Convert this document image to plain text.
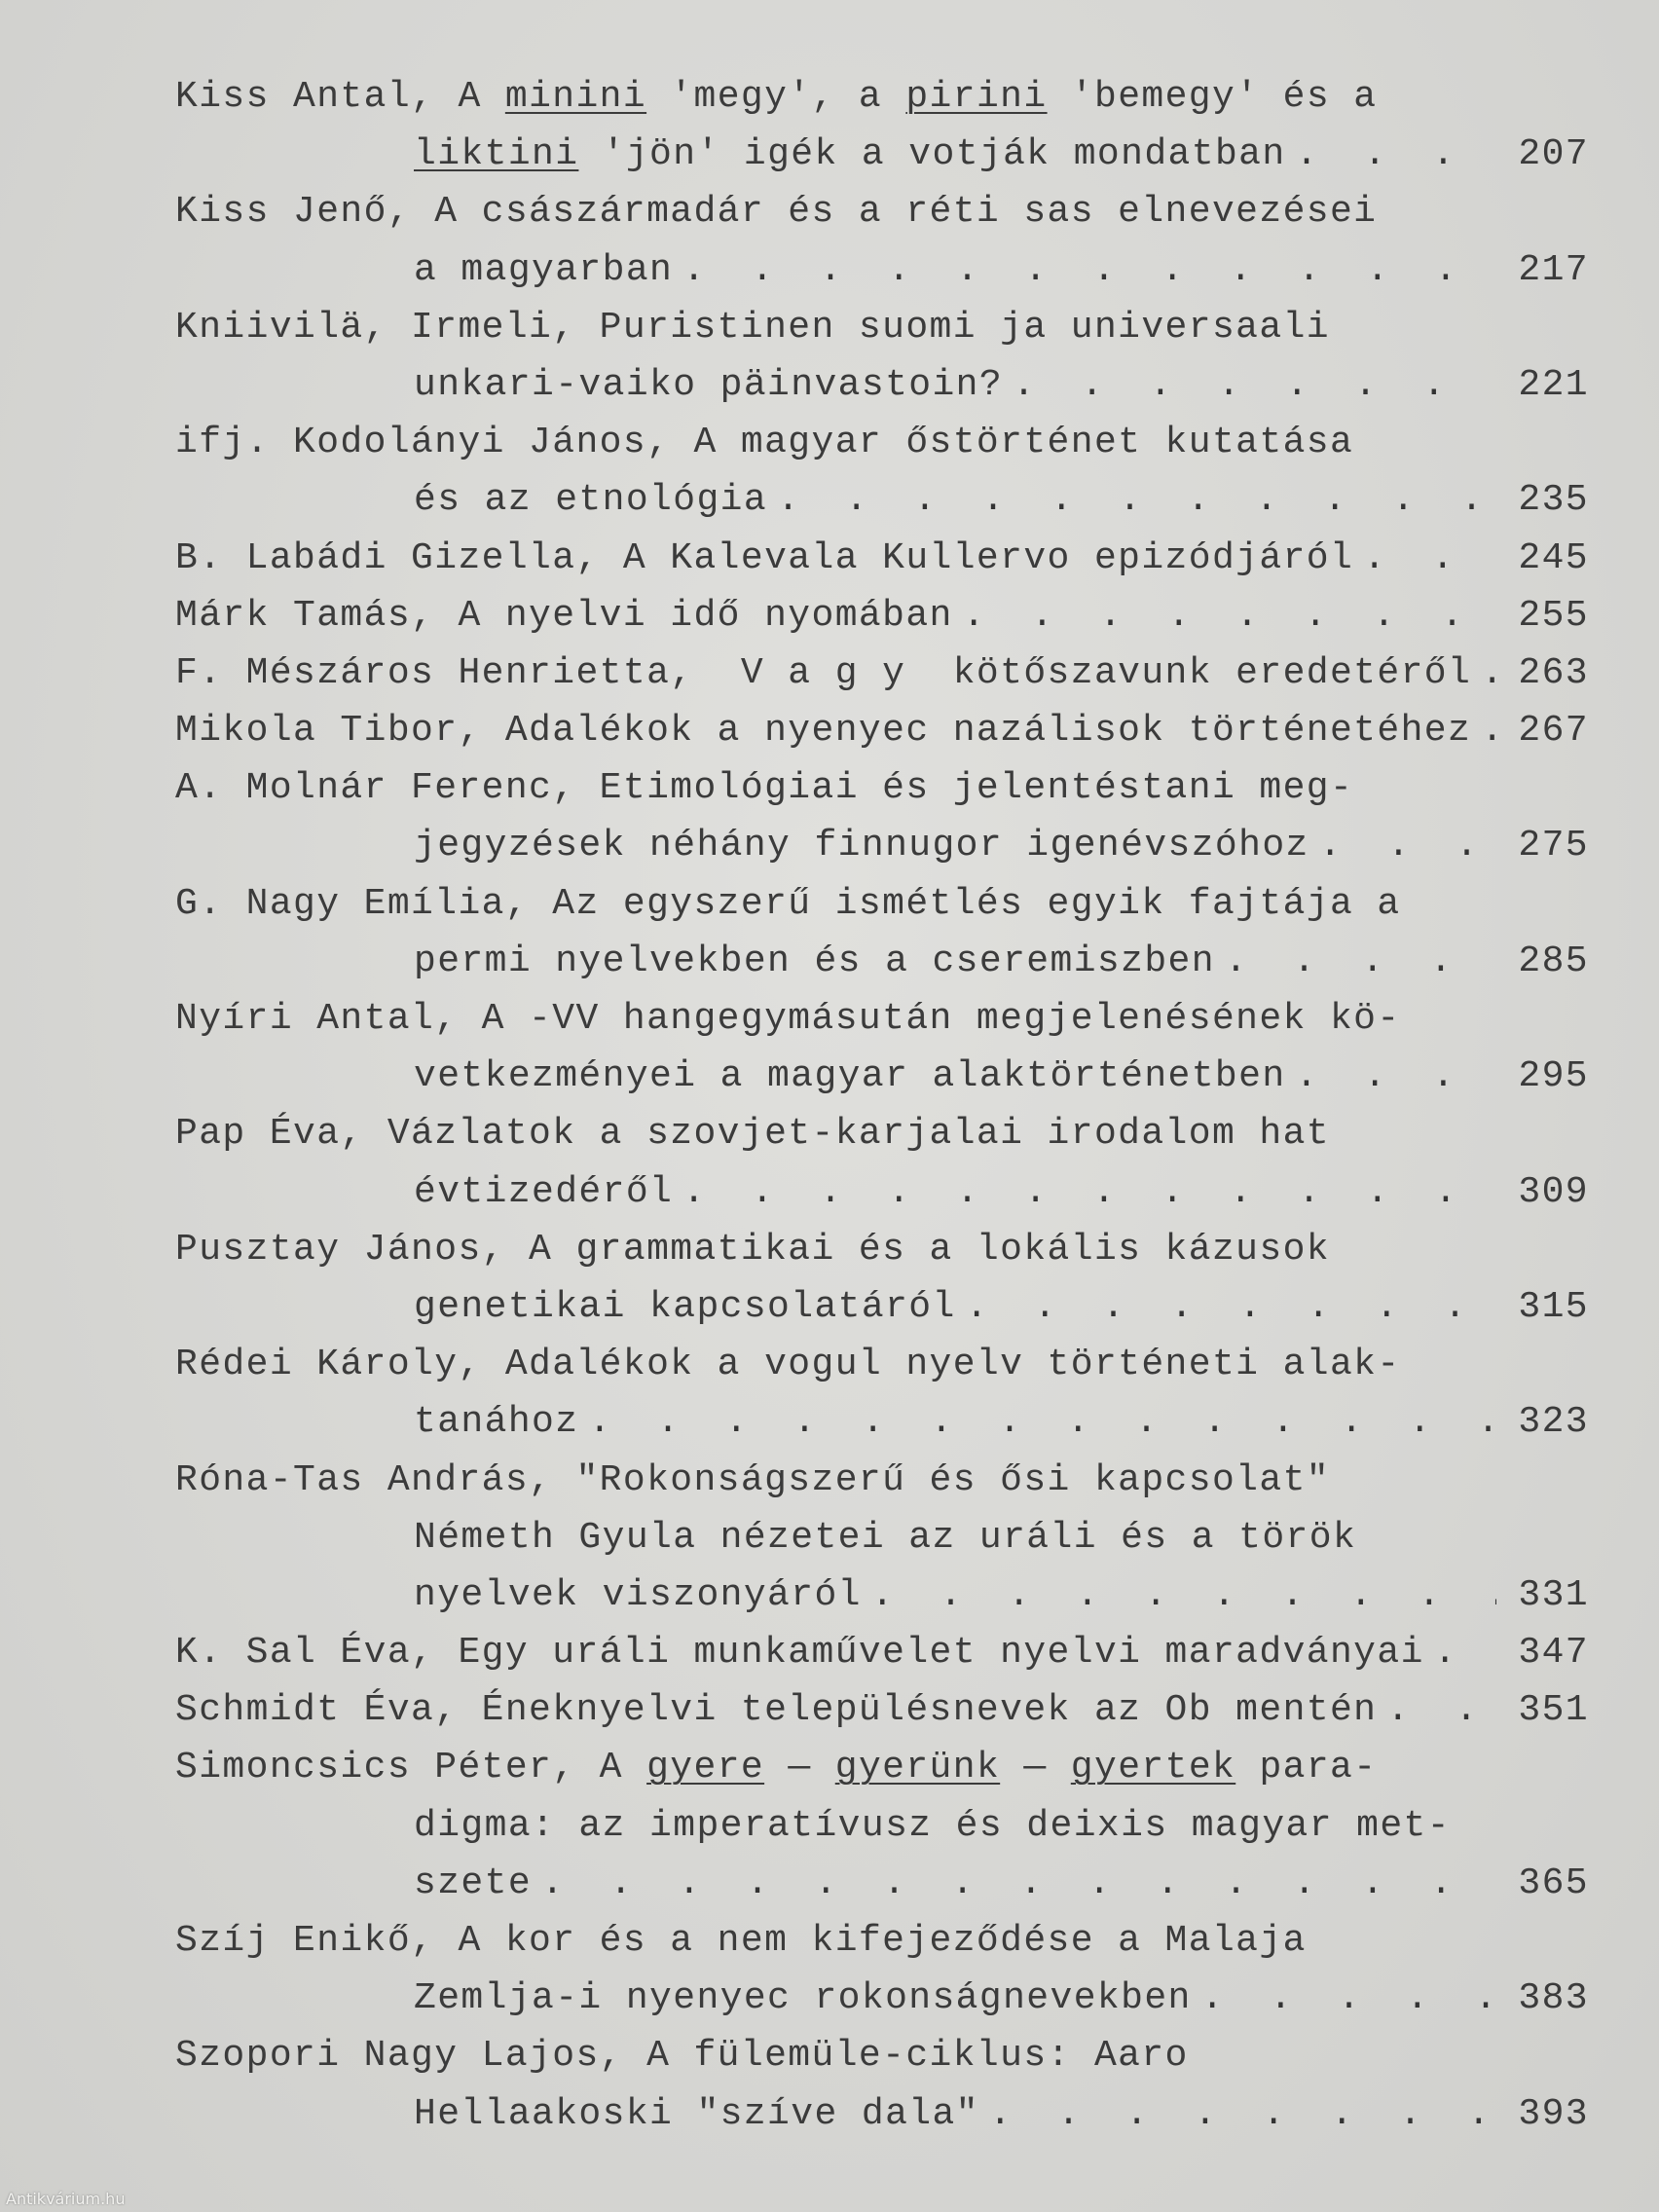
Kiss Antal, A minini 'megy', a pirini 'bemegy' és a
liktini 'jön' igék a votják mondatban . . .	207
Kiss Jenő, A császármadár és a réti sas elnevezései
a magyarban . . .	217
Kniivilä, Irmeli, Puristinen suomi ja universaali
unkari-vaiko päinvastoin? . . .	221
ifj. Kodolányi János, A magyar őstörténet kutatása
és az etnológia . . .	235
B. Labádi Gizella, A Kalevala Kullervo epizódjáról . . .	245
Márk Tamás, A nyelvi idő nyomában . . .	255
F. Mészáros Henrietta,  V a g y  kötőszavunk eredetéről . . .	263
Mikola Tibor, Adalékok a nyenyec nazálisok történetéhez . . .	267
A. Molnár Ferenc, Etimológiai és jelentéstani meg-
jegyzések néhány finnugor igenévszóhoz . . .	275
G. Nagy Emília, Az egyszerű ismétlés egyik fajtája a
permi nyelvekben és a cseremiszben . . .	285
Nyíri Antal, A -VV hangegymásután megjelenésének kö-
vetkezményei a magyar alaktörténetben . . .	295
Pap Éva, Vázlatok a szovjet-karjalai irodalom hat
évtizedéről . . .	309
Pusztay János, A grammatikai és a lokális kázusok
genetikai kapcsolatáról . . .	315
Rédei Károly, Adalékok a vogul nyelv történeti alak-
tanához . . .	323
Róna-Tas András, "Rokonságszerű és ősi kapcsolat"
Németh Gyula nézetei az uráli és a török
nyelvek viszonyáról . . .	331
K. Sal Éva, Egy uráli munkaművelet nyelvi maradványai . . .	347
Schmidt Éva, Éneknyelvi településnevek az Ob mentén . . .	351
Simoncsics Péter, A gyere — gyerünk — gyertek para-
digma: az imperatívusz és deixis magyar met-
szete . . .	365
Szíj Enikő, A kor és a nem kifejeződése a Malaja
Zemlja-i nyenyec rokonságnevekben . . .	383
Szopori Nagy Lajos, A fülemüle-ciklus: Aaro
Hellaakoski "szíve dala" . . .	393
Antikvárium.hu
